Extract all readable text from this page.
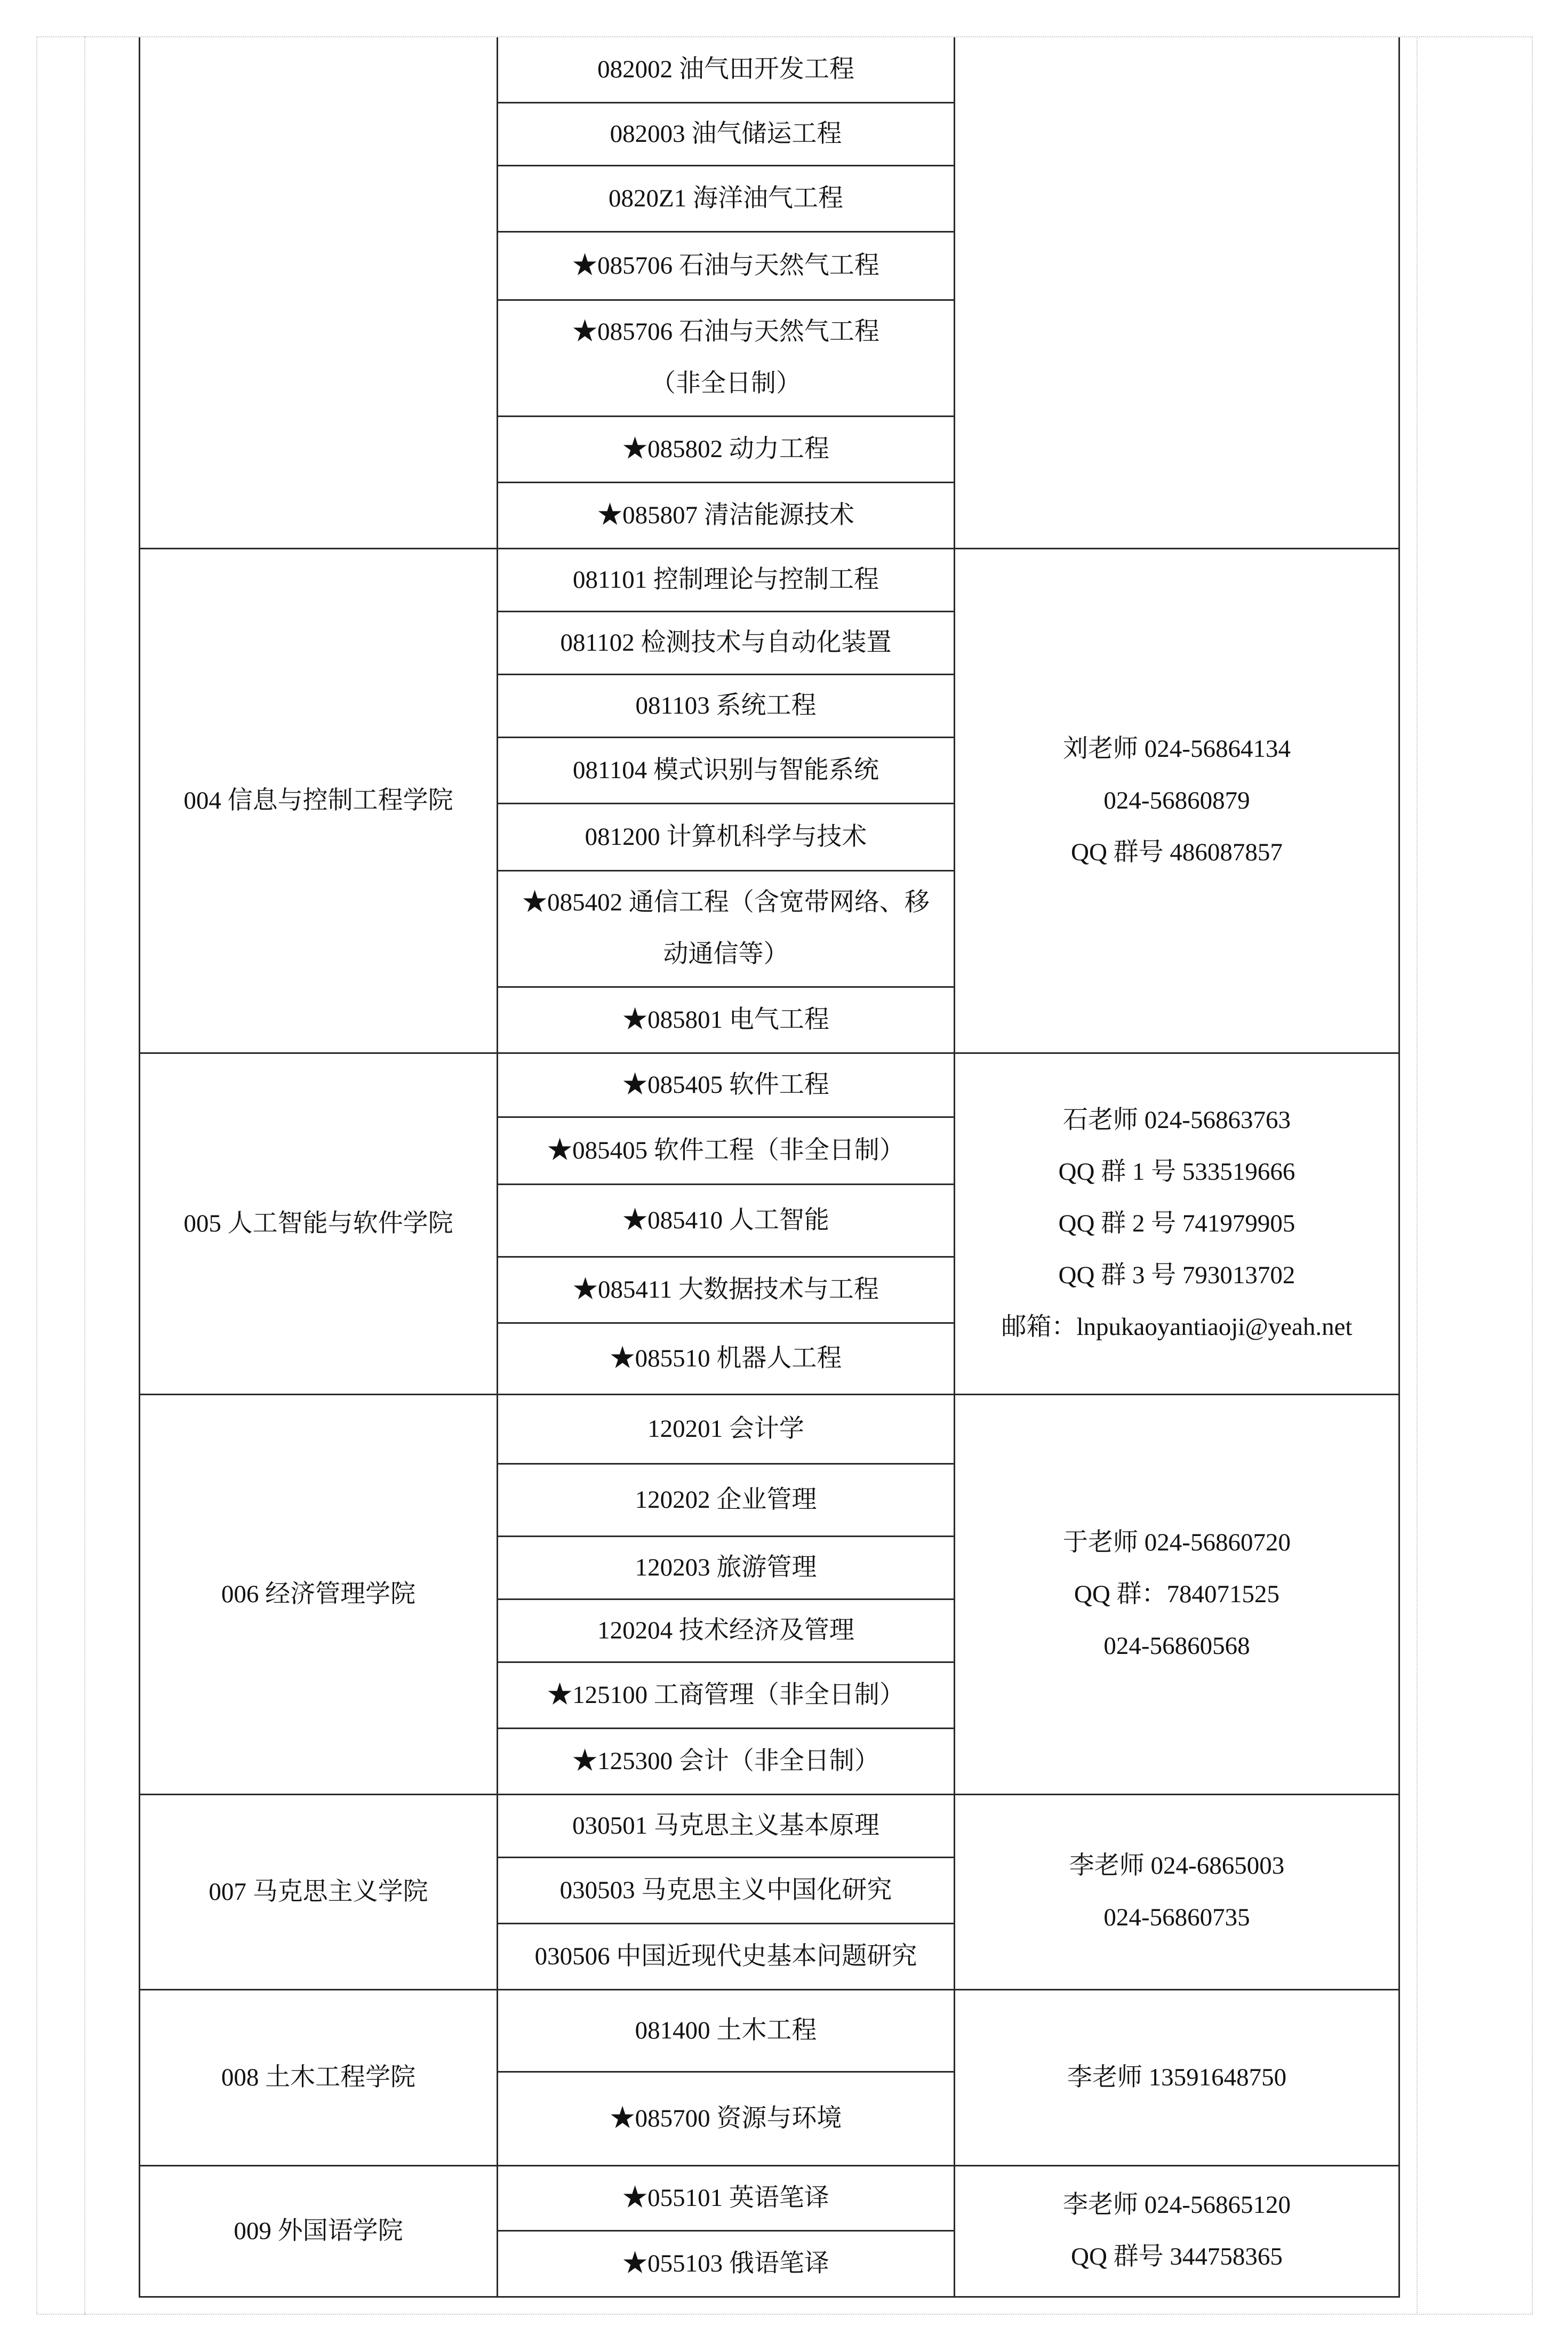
	082002 油气田开发工程	

	082003 油气储运工程	

	0820Z1 海洋油气工程	

	★085706 石油与天然气工程	

	★085706 石油与天然气工程
（非全日制）	

	★085802 动力工程	

	★085807 清洁能源技术	

004 信息与控制工程学院	081101 控制理论与控制工程	刘老师 024-56864134
024-56860879
QQ 群号 486087857

	081102 检测技术与自动化装置	

	081103 系统工程	

	081104 模式识别与智能系统	

	081200 计算机科学与技术	

	★085402 通信工程（含宽带网络、移
动通信等）	

	★085801 电气工程	

005 人工智能与软件学院	★085405 软件工程	石老师 024-56863763
QQ 群 1 号 533519666
QQ 群 2 号 741979905
QQ 群 3 号 793013702
邮箱：lnpukaoyantiaoji@yeah.net

	★085405 软件工程（非全日制）	

	★085410 人工智能	

	★085411 大数据技术与工程	

	★085510 机器人工程	

006 经济管理学院	120201 会计学	于老师 024-56860720
QQ 群：784071525
024-56860568

	120202 企业管理	

	120203 旅游管理	

	120204 技术经济及管理	

	★125100 工商管理（非全日制）	

	★125300 会计（非全日制）	

007 马克思主义学院	030501 马克思主义基本原理	李老师 024-6865003
024-56860735

	030503 马克思主义中国化研究	

	030506 中国近现代史基本问题研究	

008 土木工程学院	081400 土木工程	李老师 13591648750

	★085700 资源与环境	

009 外国语学院	★055101 英语笔译	李老师 024-56865120
QQ 群号 344758365

	★055103 俄语笔译	
